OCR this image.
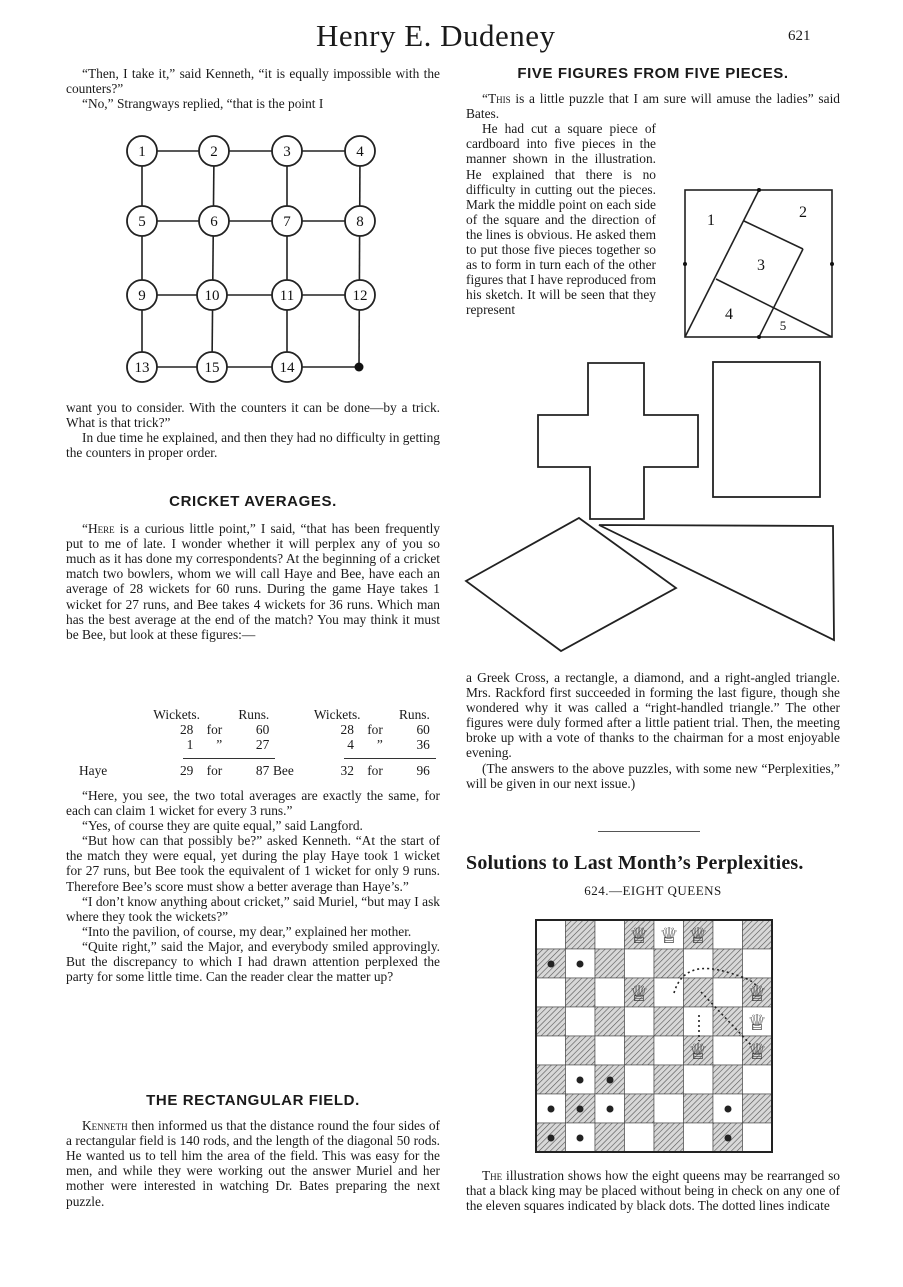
Henry E. Dudeney	621

“Then, I take it,” said Kenneth, “it is equally impossible with the counters?”

“No,” Strangways replied, “that is the point I

1	2	3	4
5	6	7	8
9	10	11	12
13	15	14

want you to consider. With the counters it can be done—by a trick. What is that trick?”

In due time he explained, and then they had no difficulty in getting the counters in proper order.

CRICKET AVERAGES.

“Here is a curious little point,” I said, “that has been frequently put to me of late. I wonder whether it will perplex any of you so much as it has done my correspondents? At the beginning of a cricket match two bowlers, whom we will call Haye and Bee, have each an average of 28 wickets for 60 runs. During the game Haye takes 1 wicket for 27 runs, and Bee takes 4 wickets for 36 runs. Which man has the best average at the end of the match? You may think it must be Bee, but look at these figures:—

	Wickets.	Runs.
	28	for	60
	1	”	27

Haye	29	for	87
	Wickets.		Runs.
	28	for	60
	4	”	36

Bee	32	for	96

“Here, you see, the two total averages are exactly the same, for each can claim 1 wicket for every 3 runs.”

“Yes, of course they are quite equal,” said Langford.

“But how can that possibly be?” asked Kenneth. “At the start of the match they were equal, yet during the play Haye took 1 wicket for 27 runs, but Bee took the equivalent of 1 wicket for only 9 runs. Therefore Bee’s score must show a better average than Haye’s.”

“I don’t know anything about cricket,” said Muriel, “but may I ask where they took the wickets?”

“Into the pavilion, of course, my dear,” explained her mother.

“Quite right,” said the Major, and everybody smiled approvingly. But the discrepancy to which I had drawn attention perplexed the party for some little time. Can the reader clear the matter up?

THE RECTANGULAR FIELD.

Kenneth then informed us that the distance round the four sides of a rectangular field is 140 rods, and the length of the diagonal 50 rods. He wanted us to tell him the area of the field. This was easy for the men, and while they were working out the answer Muriel and her mother were interested in watching Dr. Bates preparing the next puzzle.

FIVE FIGURES FROM FIVE PIECES.

“This is a little puzzle that I am sure will amuse the ladies” said Bates.

He had cut a square piece of cardboard into five pieces in the manner shown in the illustration. He explained that there is no difficulty in cutting out the pieces. Mark the middle point on each side of the square and the direction of the lines is obvious. He asked them to put those five pieces together so as to form in turn each of the other figures that I have reproduced from his sketch. It will be seen that they represent

1	2
3
4
5

a Greek Cross, a rectangle, a diamond, and a right-angled triangle. Mrs. Rackford first succeeded in forming the last figure, though she wondered why it was called a “right-handled triangle.” The other figures were duly formed after a little patient trial. Then, the meeting broke up with a vote of thanks to the chairman for a most enjoyable evening.

(The answers to the above puzzles, with some new “Perplexities,” will be given in our next issue.)

Solutions to Last Month’s Perplexities.
624.—EIGHT QUEENS
♕ ♕ ♕
♕	♕
♕
♕ ♕

The illustration shows how the eight queens may be rearranged so that a black king may be placed without being in check on any one of the eleven squares indicated by black dots. The dotted lines indicate
